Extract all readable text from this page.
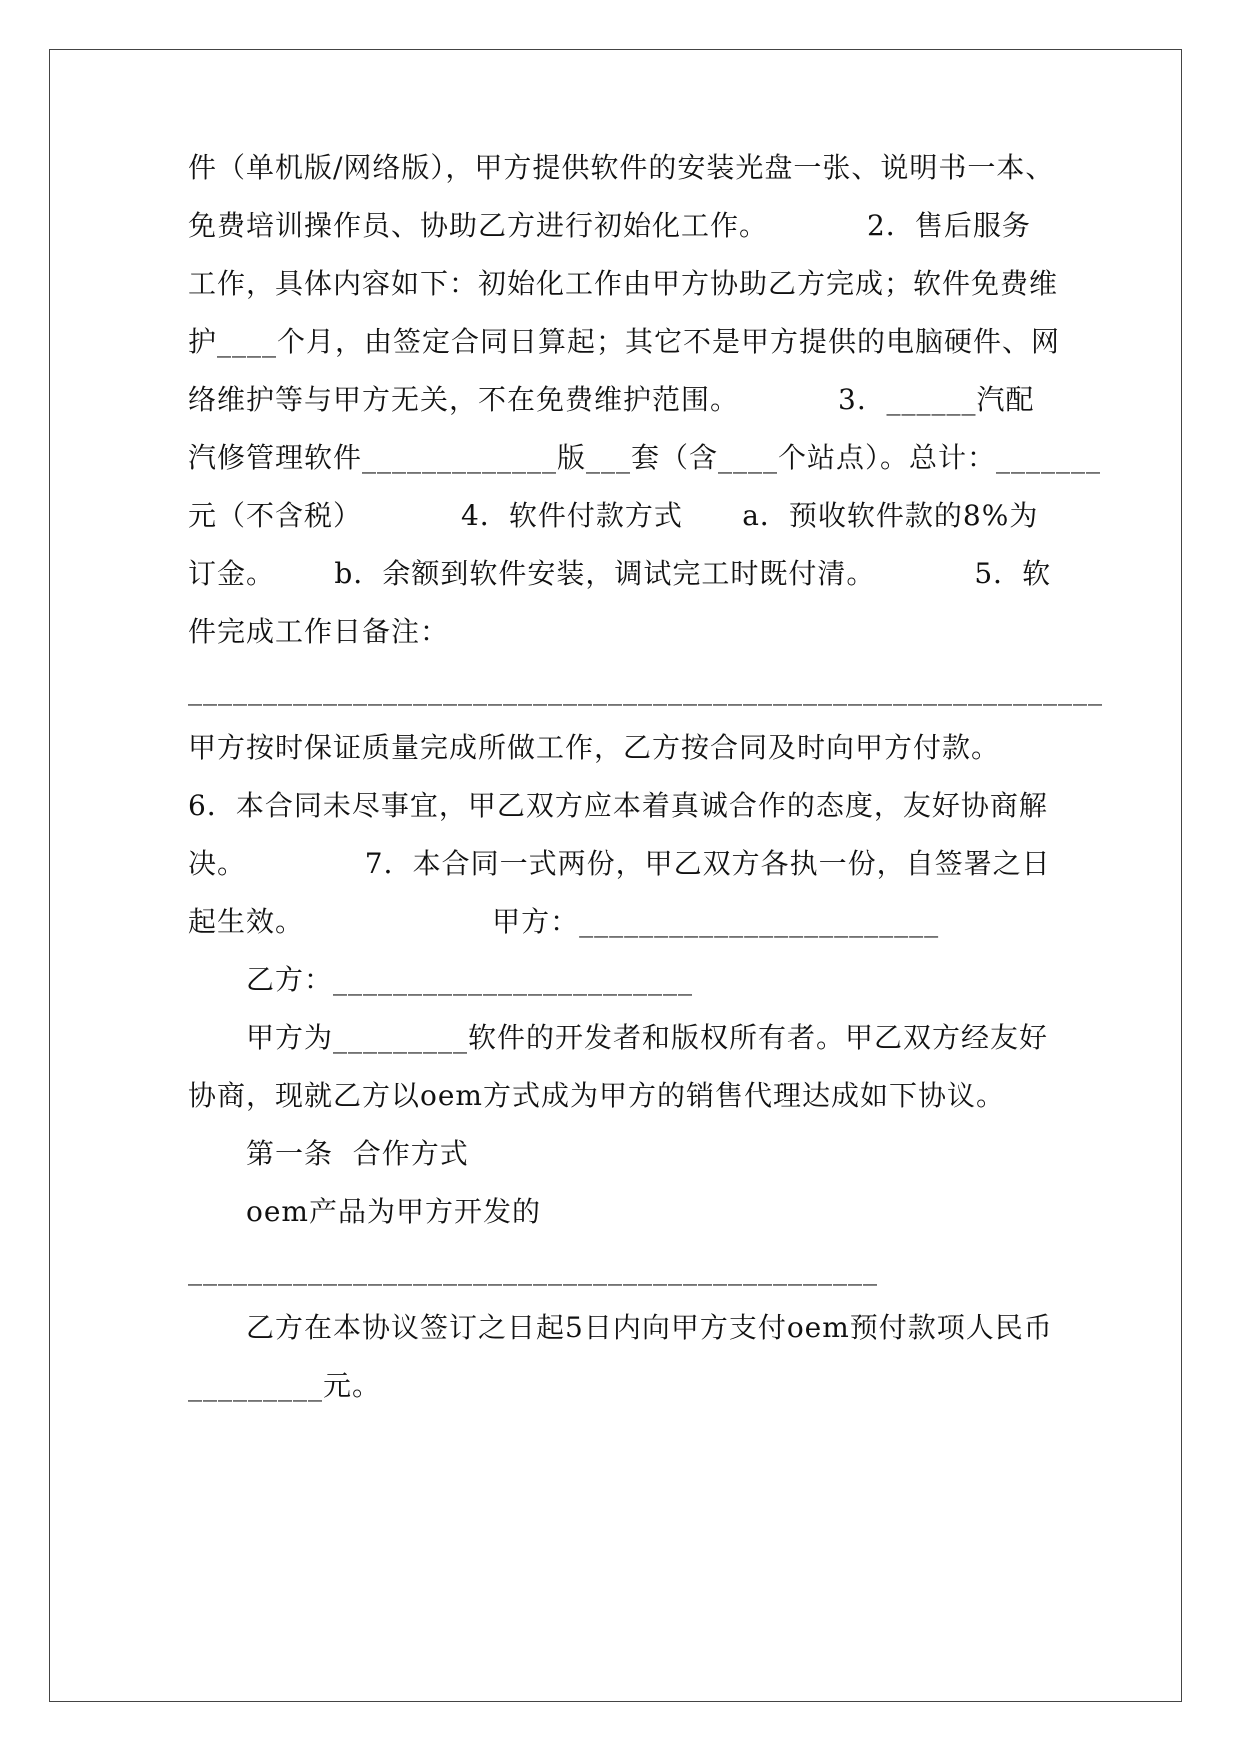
件（单机版/网络版），甲方提供软件的安装光盘一张、说明书一本、
免费培训操作员、协助乙方进行初始化工作。          2．售后服务
工作，具体内容如下：初始化工作由甲方协助乙方完成；软件免费维
护____个月，由签定合同日算起；其它不是甲方提供的电脑硬件、网
络维护等与甲方无关，不在免费维护范围。          3.  ______汽配
汽修管理软件_____________版___套（含____个站点）。总计：_______
元（不含税）          4．软件付款方式      a．预收软件款的8%为
订金。      b．余额到软件安装，调试完工时既付清。          5．软
件完成工作日备注：
_____________________________________________________________
甲方按时保证质量完成所做工作，乙方按合同及时向甲方付款。
6．本合同未尽事宜，甲乙双方应本着真诚合作的态度，友好协商解
决。            7．本合同一式两份，甲乙双方各执一份，自签署之日
起生效。                   甲方：________________________
乙方：________________________
甲方为_________软件的开发者和版权所有者。甲乙双方经友好
协商，现就乙方以oem方式成为甲方的销售代理达成如下协议。
第一条  合作方式
oem产品为甲方开发的
______________________________________________
乙方在本协议签订之日起5日内向甲方支付oem预付款项人民币
_________元。
